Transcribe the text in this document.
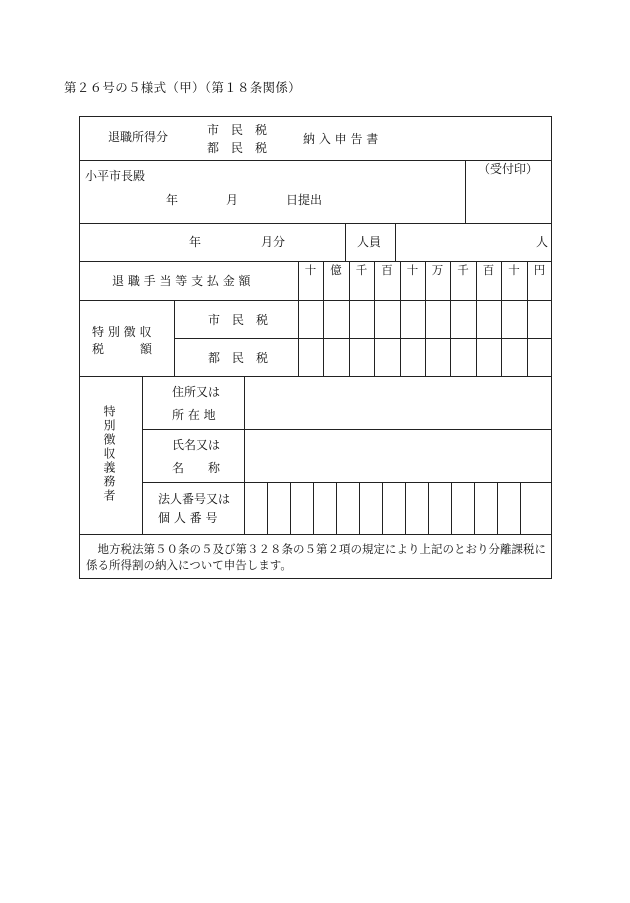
第２６号の５様式（甲）（第１８条関係）
退職所得分	市　民　税
都　民　税
納 入 申 告 書
小平市長殿
年　　　　月　　　　日提出
（受付印）
年　　　　　月分	人員	人
退 職 手 当 等 支 払 金 額
十	億	千	百	十	万	千	百	十	円
特 別 徴 収
税　　　額
市　民　税
都　民　税
特別徴収義務者
住所又は
所 在 地
氏名又は
名　　称
法人番号又は
個 人 番 号
　地方税法第５０条の５及び第３２８条の５第２項の規定により上記のとおり分離課税に係る所得割の納入について申告します。
